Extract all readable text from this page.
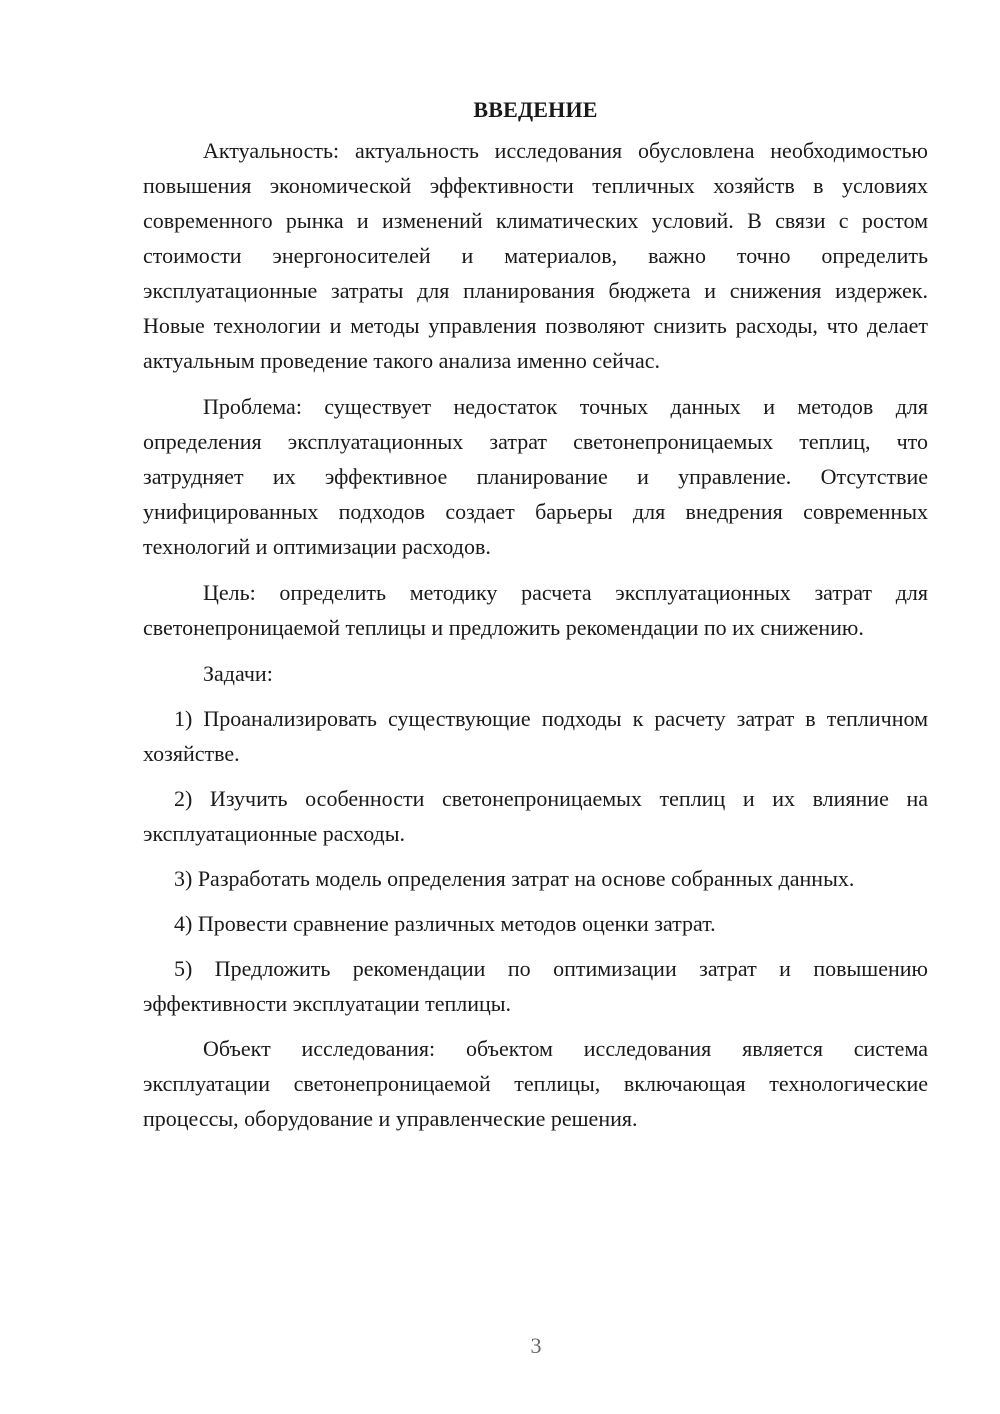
ВВЕДЕНИЕ

Актуальность: актуальность исследования обусловлена необходимостью повышения экономической эффективности тепличных хозяйств в условиях современного рынка и изменений климатических условий. В связи с ростом стоимости энергоносителей и материалов, важно точно определить эксплуатационные затраты для планирования бюджета и снижения издержек. Новые технологии и методы управления позволяют снизить расходы, что делает актуальным проведение такого анализа именно сейчас.

Проблема: существует недостаток точных данных и методов для определения эксплуатационных затрат светонепроницаемых теплиц, что затрудняет их эффективное планирование и управление. Отсутствие унифицированных подходов создает барьеры для внедрения современных технологий и оптимизации расходов.

Цель: определить методику расчета эксплуатационных затрат для светонепроницаемой теплицы и предложить рекомендации по их снижению.

Задачи:

1) Проанализировать существующие подходы к расчету затрат в тепличном хозяйстве.

2) Изучить особенности светонепроницаемых теплиц и их влияние на эксплуатационные расходы.

3) Разработать модель определения затрат на основе собранных данных.

4) Провести сравнение различных методов оценки затрат.

5) Предложить рекомендации по оптимизации затрат и повышению эффективности эксплуатации теплицы.

Объект исследования: объектом исследования является система эксплуатации светонепроницаемой теплицы, включающая технологические процессы, оборудование и управленческие решения.

3
